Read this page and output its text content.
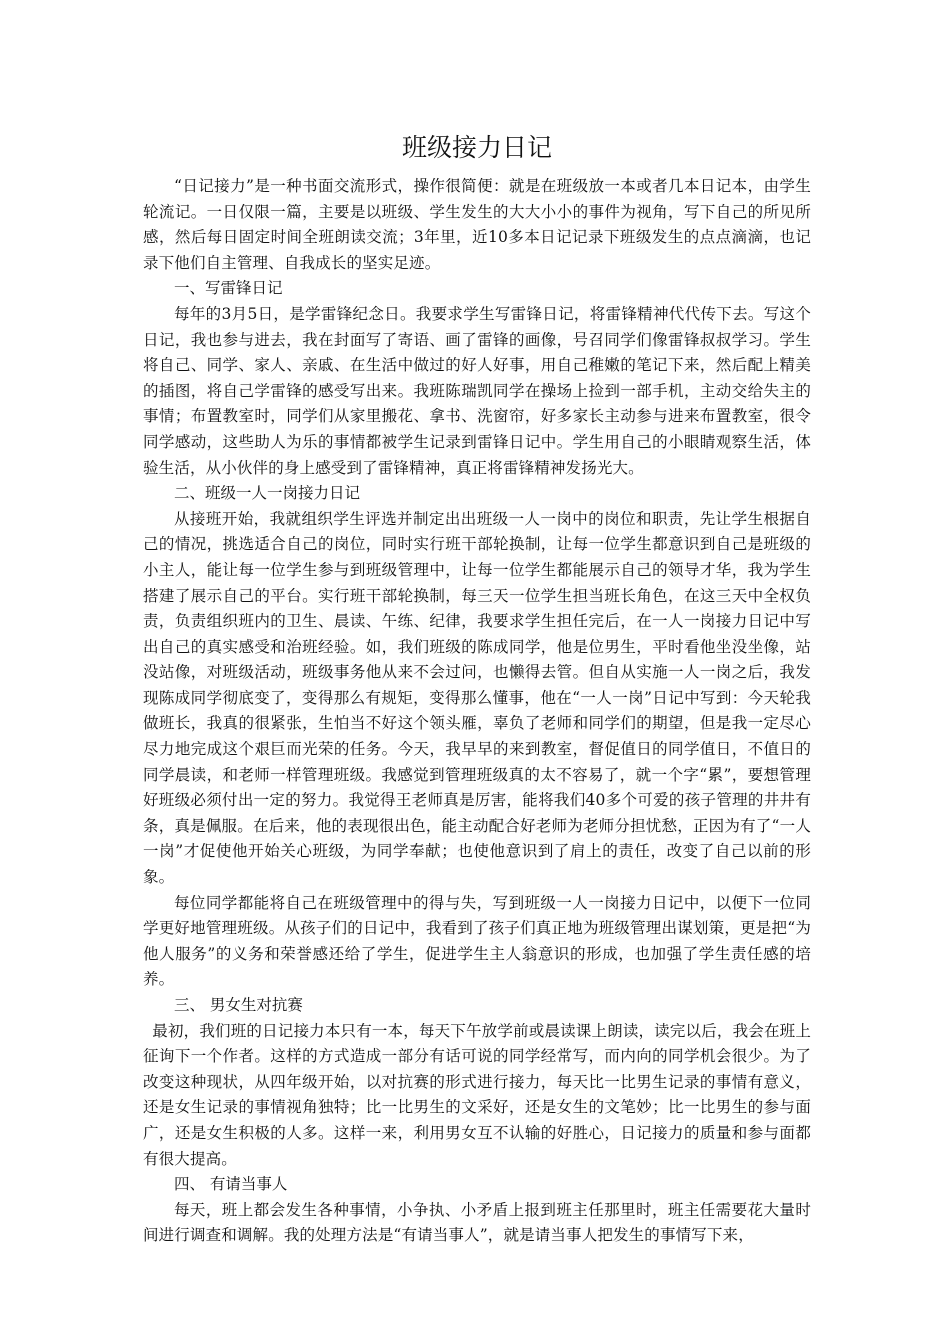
班级接力日记

“日记接力”是一种书面交流形式，操作很简便：就是在班级放一本或者几本日记本，由学生轮流记。一日仅限一篇，主要是以班级、学生发生的大大小小的事件为视角，写下自己的所见所感，然后每日固定时间全班朗读交流；3年里，近10多本日记记录下班级发生的点点滴滴，也记录下他们自主管理、自我成长的坚实足迹。

一、写雷锋日记

每年的3月5日，是学雷锋纪念日。我要求学生写雷锋日记，将雷锋精神代代传下去。写这个日记，我也参与进去，我在封面写了寄语、画了雷锋的画像，号召同学们像雷锋叔叔学习。学生将自己、同学、家人、亲戚、在生活中做过的好人好事，用自己稚嫩的笔记下来，然后配上精美的插图，将自己学雷锋的感受写出来。我班陈瑞凯同学在操场上捡到一部手机，主动交给失主的事情；布置教室时，同学们从家里搬花、拿书、洗窗帘，好多家长主动参与进来布置教室，很令同学感动，这些助人为乐的事情都被学生记录到雷锋日记中。学生用自己的小眼睛观察生活，体验生活，从小伙伴的身上感受到了雷锋精神，真正将雷锋精神发扬光大。

二、班级一人一岗接力日记

从接班开始，我就组织学生评选并制定出出班级一人一岗中的岗位和职责，先让学生根据自己的情况，挑选适合自己的岗位，同时实行班干部轮换制，让每一位学生都意识到自己是班级的小主人，能让每一位学生参与到班级管理中，让每一位学生都能展示自己的领导才华，我为学生搭建了展示自己的平台。实行班干部轮换制，每三天一位学生担当班长角色，在这三天中全权负责，负责组织班内的卫生、晨读、午练、纪律，我要求学生担任完后，在一人一岗接力日记中写出自己的真实感受和治班经验。如，我们班级的陈成同学，他是位男生，平时看他坐没坐像，站没站像，对班级活动，班级事务他从来不会过问，也懒得去管。但自从实施一人一岗之后，我发现陈成同学彻底变了，变得那么有规矩，变得那么懂事，他在“一人一岗”日记中写到：今天轮我做班长，我真的很紧张，生怕当不好这个领头雁，辜负了老师和同学们的期望，但是我一定尽心尽力地完成这个艰巨而光荣的任务。今天，我早早的来到教室，督促值日的同学值日，不值日的同学晨读，和老师一样管理班级。我感觉到管理班级真的太不容易了，就一个字“累”，要想管理好班级必须付出一定的努力。我觉得王老师真是厉害，能将我们40多个可爱的孩子管理的井井有条，真是佩服。在后来，他的表现很出色，能主动配合好老师为老师分担忧愁，正因为有了“一人一岗”才促使他开始关心班级，为同学奉献；也使他意识到了肩上的责任，改变了自己以前的形象。

每位同学都能将自己在班级管理中的得与失，写到班级一人一岗接力日记中，以便下一位同学更好地管理班级。从孩子们的日记中，我看到了孩子们真正地为班级管理出谋划策，更是把“为他人服务”的义务和荣誉感还给了学生，促进学生主人翁意识的形成，也加强了学生责任感的培养。

三、 男女生对抗赛

最初，我们班的日记接力本只有一本，每天下午放学前或晨读课上朗读，读完以后，我会在班上征询下一个作者。这样的方式造成一部分有话可说的同学经常写，而内向的同学机会很少。为了改变这种现状，从四年级开始，以对抗赛的形式进行接力，每天比一比男生记录的事情有意义，还是女生记录的事情视角独特；比一比男生的文采好，还是女生的文笔妙；比一比男生的参与面广，还是女生积极的人多。这样一来，利用男女互不认输的好胜心，日记接力的质量和参与面都有很大提高。

四、 有请当事人

每天，班上都会发生各种事情，小争执、小矛盾上报到班主任那里时，班主任需要花大量时间进行调查和调解。我的处理方法是“有请当事人”，就是请当事人把发生的事情写下来，
